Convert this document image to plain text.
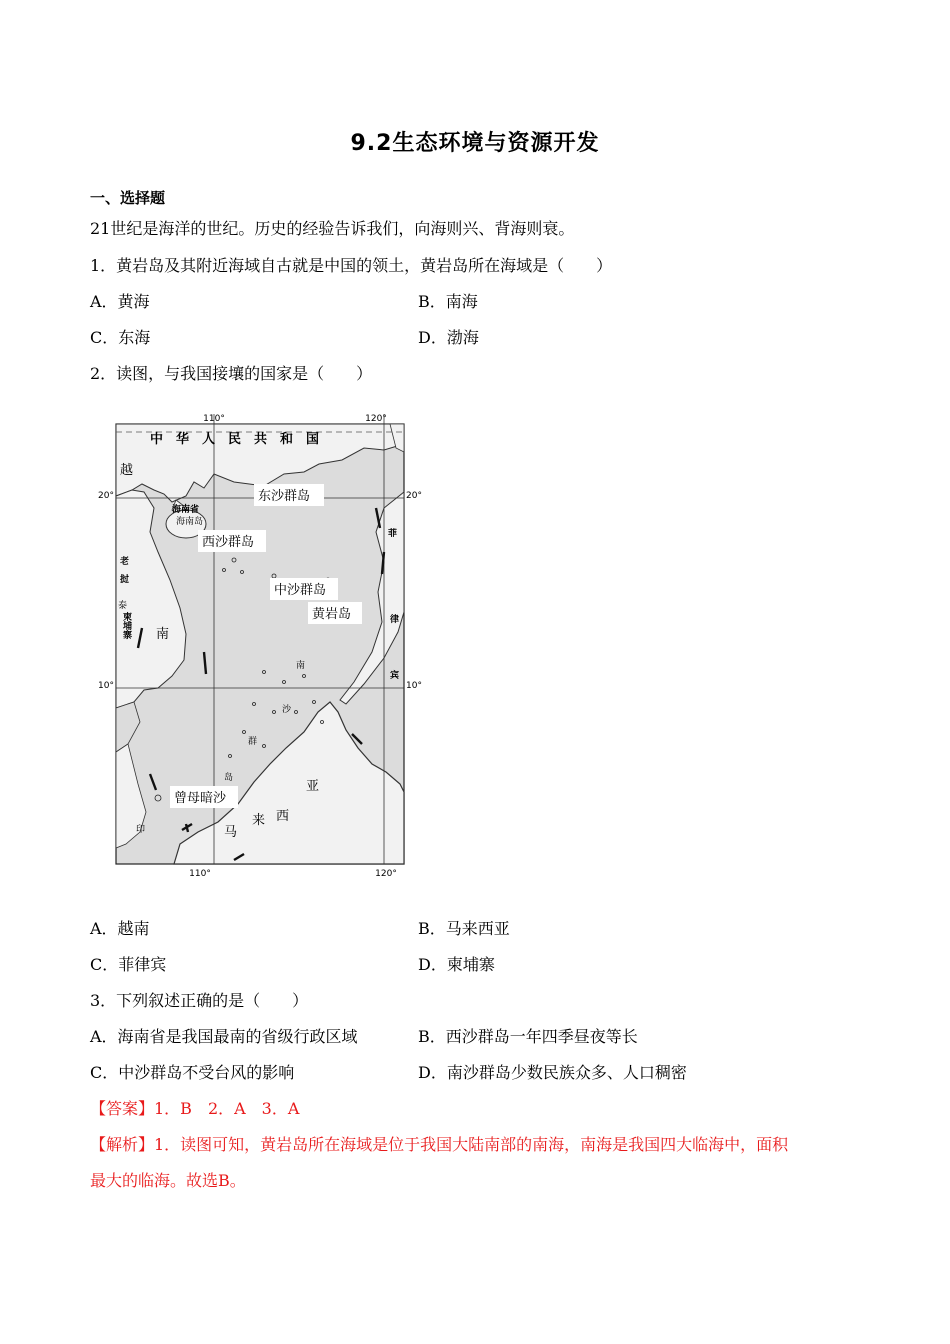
9.2生态环境与资源开发
一、选择题
21世纪是海洋的世纪。历史的经验告诉我们，向海则兴、背海则衰。
1．黄岩岛及其附近海域自古就是中国的领土，黄岩岛所在海域是（　　）
A．黄海	B．南海
C．东海	D．渤海
2．读图，与我国接壤的国家是（　　）
110°	120°
110°	120°
20°	20°
10°	10°
中　华　人　民　共　和　国
越
南
海南省
海南岛
老
挝
柬埔寨
泰
菲
律
宾
马
来 西
亚
南
沙
群
岛
东沙群岛
西沙群岛
中沙群岛
黄岩岛
曾母暗沙
印
A．越南	B．马来西亚
C．菲律宾	D．柬埔寨
3．下列叙述正确的是（　　）
A．海南省是我国最南的省级行政区域	B．西沙群岛一年四季昼夜等长
C．中沙群岛不受台风的影响	D．南沙群岛少数民族众多、人口稠密
【答案】1．B　2．A　3．A
【解析】1．读图可知，黄岩岛所在海域是位于我国大陆南部的南海，南海是我国四大临海中，面积
最大的临海。故选B。
